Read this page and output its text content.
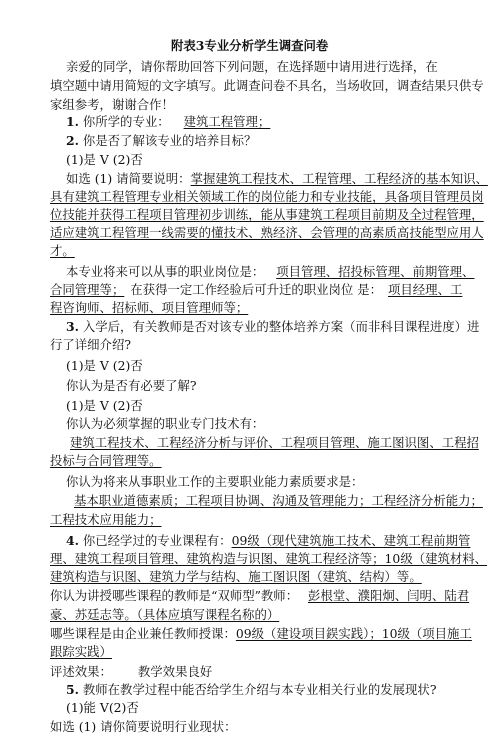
附表3专业分析学生调查问卷
亲爱的同学，请你帮助回答下列问题，在选择题中请用进行选择，在
填空题中请用简短的文字填写。此调查问卷不具名，当场收回，调查结果只供专
家组参考，谢谢合作！
1. 你所学的专业： 建筑工程管理；
2. 你是否了解该专业的培养目标？
(1)是 V (2)否
如选 (1) 请简要说明：掌握建筑工程技术、工程管理、工程经济的基本知识、
具有建筑工程管理专业相关领域工作的岗位能力和专业技能，具备项目管理员岗
位技能并获得工程项目管理初步训练，能从事建筑工程项目前期及全过程管理，
适应建筑工程管理一线需要的懂技术、熟经济、会管理的高素质高技能型应用人
才。
本专业将来可以从事的职业岗位是： 项目管理、招投标管理、前期管理、
合同管理等； 在获得一定工作经验后可升迁的职业岗位 是： 项目经理、工
程咨询师、招标师、项目管理师等；
3. 入学后，有关教师是否对该专业的整体培养方案（而非科目课程进度）进
行了详细介绍?
(1)是 V (2)否
你认为是否有必要了解?
(1)是 V (2)否
你认为必须掌握的职业专门技术有：
建筑工程技术、工程经济分析与评价、工程项目管理、施工图识图、工程招
投标与合同管理等。
你认为将来从事职业工作的主要职业能力素质要求是：
基本职业道德素质；工程项目协调、沟通及管理能力；工程经济分析能力；
工程技术应用能力；
4. 你已经学过的专业课程有：09级（现代建筑施工技术、建筑工程前期管
理、建筑工程项目管理、建筑构造与识图、建筑工程经济等；10级（建筑材料、
建筑构造与识图、建筑力学与结构、施工图识图（建筑、结构）等。
你认为讲授哪些课程的教师是“双师型”教师： 彭根堂、濮阳炯、闫明、陆君
豪、苏廷志等。（具体应填写课程名称的）
哪些课程是由企业兼任教师授课：09级（建设项目鋘实践）；10级（项目施工
跟踪实践）
评述效果： 教学效果良好
5. 教师在教学过程中能否给学生介绍与本专业相关行业的发展现状?
(1)能 V(2)否
如选 (1) 请你简要说明行业现状：
